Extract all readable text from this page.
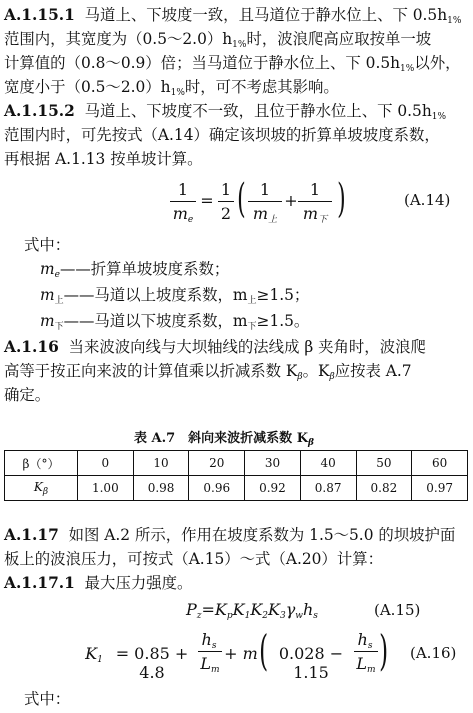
A.1.15.1 马道上、下坡度一致，且马道位于静水位上、下 $0.5h_{1\%}$
范围内，其宽度为$(0.5\sim 2.0)h_{1\%}$时，波浪爬高应取按单一坡
计算值的（0.8～0.9）倍；当马道位于静水位上、下 $0.5h_{1\%}$以外，
宽度小于$(0.5\sim 2.0)h_{1\%}$时，可不考虑其影响。
A.1.15.2 马道上、下坡度不一致，且位于静水位上、下 $0.5h_{1\%}$
范围内时，可先按式（A.14）确定该坝坡的折算单坡坡度系数，
再根据 A.1.13 按单坡计算。
1
$m_e$
=
1
2 ( 1
$m_上$
+
1
$m_下$ )	(A.14)
式中：
$m_e——$折算单坡坡度系数；
$m_上——$马道以上坡度系数，$m_上\ge 1.5$；
$m_下——$马道以下坡度系数，$m_下\ge 1.5$。
A.1.16 当来波波向线与大坝轴线的法线成 β 夹角时，波浪爬
高等于按正向来波的计算值乘以折减系数 $K_\beta$。$K_\beta$应按表 A.7
确定。
表 A.7　斜向来波折减系数 $K_\beta$
β（°）	0	10	20	30	40	50	60
$K_\beta$	1.00	0.98	0.96	0.92	0.87	0.82	0.97
A.1.17 如图 A.2 所示，作用在坡度系数为 1.5～5.0 的坝坡护面
板上的波浪压力，可按式（A.15）～式（A.20）计算：
A.1.17.1 最大压力强度。
$P_z=K_pK_1K_2K_3\gamma_wh_s$	(A.15)
$K_1 = 0.85 + 4.8$
$h_s$
$L_m$
+ m ( 0.028 − 1.15
$h_s$
$L_m$ ) (A.16)
式中：
